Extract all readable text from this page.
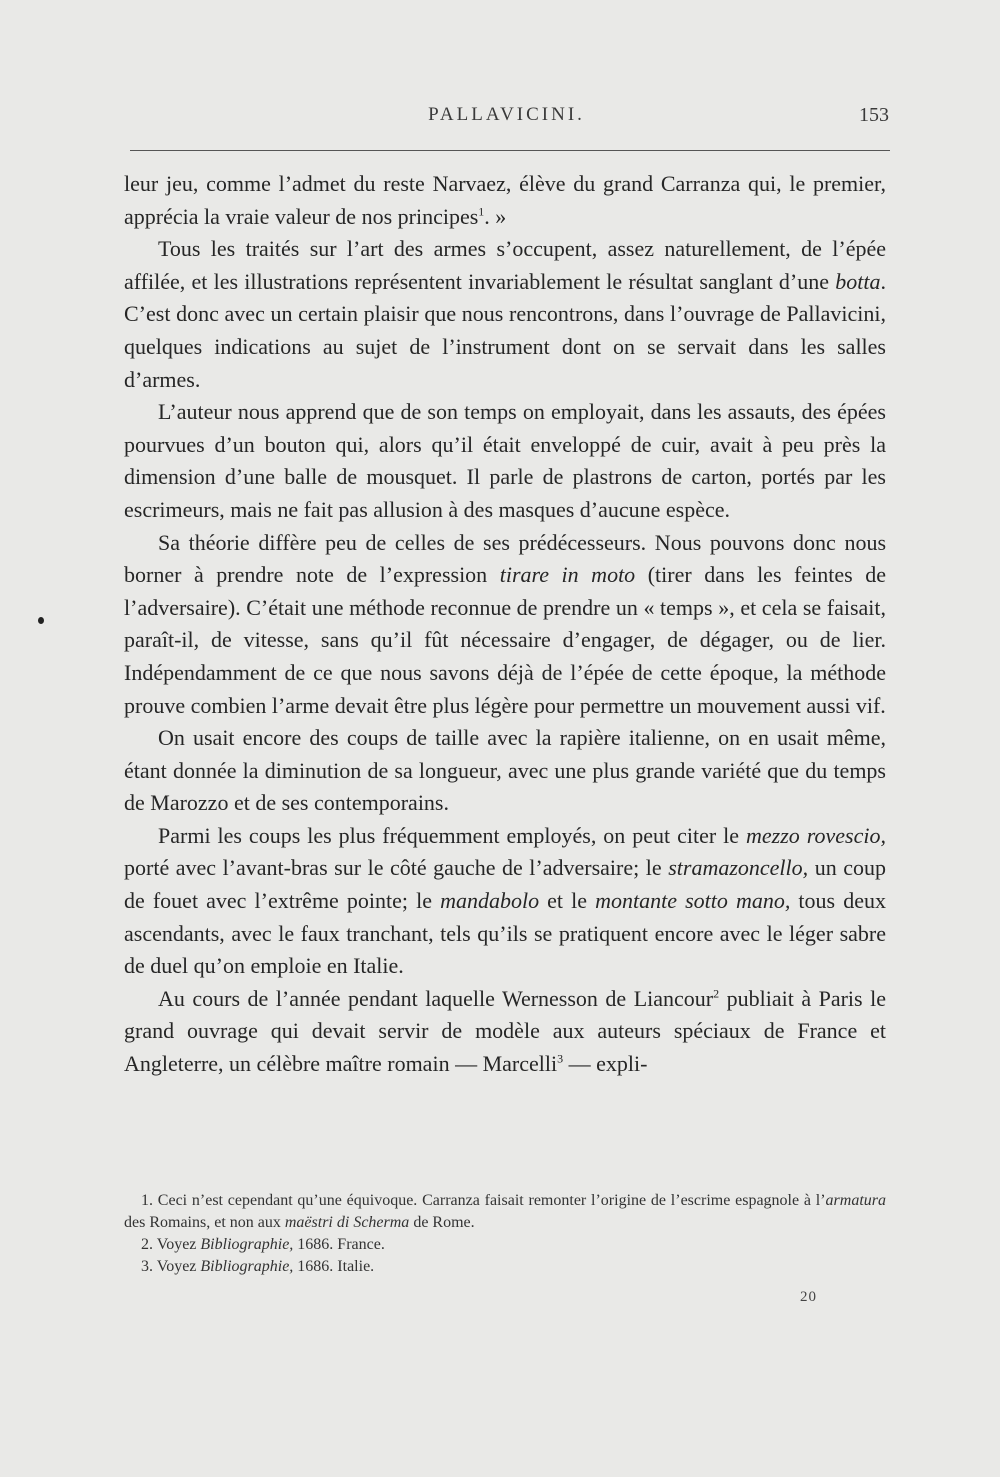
PALLAVICINI.	153

leur jeu, comme l’admet du reste Narvaez, élève du grand Carranza qui, le premier, apprécia la vraie valeur de nos principes$^1$. »

Tous les traités sur l’art des armes s’occupent, assez naturellement, de l’épée affilée, et les illustrations représentent invariablement le résultat sanglant d’une botta. C’est donc avec un certain plaisir que nous rencontrons, dans l’ouvrage de Pallavicini, quelques indications au sujet de l’instrument dont on se servait dans les salles d’armes.

L’auteur nous apprend que de son temps on employait, dans les assauts, des épées pourvues d’un bouton qui, alors qu’il était enveloppé de cuir, avait à peu près la dimension d’une balle de mousquet. Il parle de plastrons de carton, portés par les escrimeurs, mais ne fait pas allusion à des masques d’aucune espèce.

Sa théorie diffère peu de celles de ses prédécesseurs. Nous pouvons donc nous borner à prendre note de l’expression tirare in moto (tirer dans les feintes de l’adversaire). C’était une méthode reconnue de prendre un « temps », et cela se faisait, paraît-il, de vitesse, sans qu’il fût nécessaire d’engager, de dégager, ou de lier. Indépendamment de ce que nous savons déjà de l’épée de cette époque, la méthode prouve combien l’arme devait être plus légère pour permettre un mouvement aussi vif.

On usait encore des coups de taille avec la rapière italienne, on en usait même, étant donnée la diminution de sa longueur, avec une plus grande variété que du temps de Marozzo et de ses contemporains.

Parmi les coups les plus fréquemment employés, on peut citer le mezzo rovescio, porté avec l’avant-bras sur le côté gauche de l’adversaire; le stramazoncello, un coup de fouet avec l’extrême pointe; le mandabolo et le montante sotto mano, tous deux ascendants, avec le faux tranchant, tels qu’ils se pratiquent encore avec le léger sabre de duel qu’on emploie en Italie.

Au cours de l’année pendant laquelle Wernesson de Liancour$^2$ publiait à Paris le grand ouvrage qui devait servir de modèle aux auteurs spéciaux de France et Angleterre, un célèbre maître romain — Marcelli$^3$ — expli-

1. Ceci n’est cependant qu’une équivoque. Carranza faisait remonter l’origine de l’escrime espagnole à l’armatura des Romains, et non aux maëstri di Scherma de Rome.

2. Voyez Bibliographie, 1686. France.

3. Voyez Bibliographie, 1686. Italie.

20
